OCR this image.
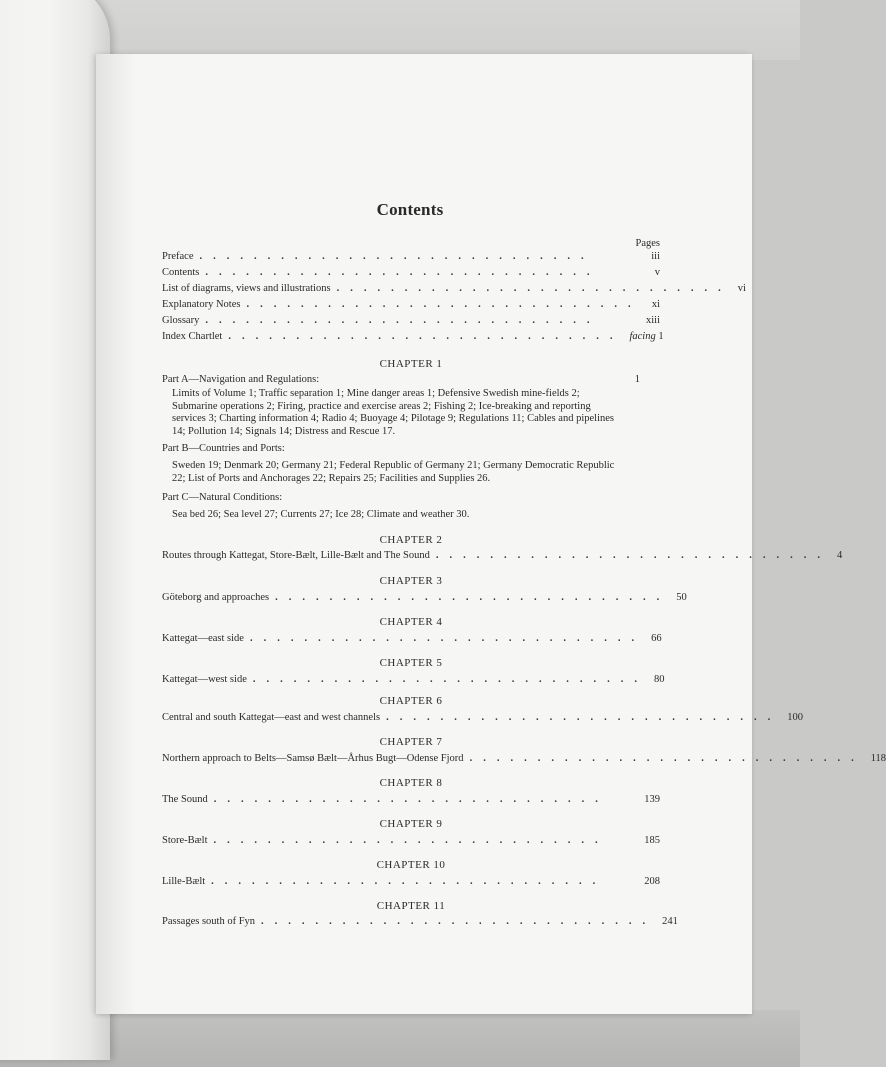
Contents
Pages
Preface .............................	iii
Contents .............................	v
List of diagrams, views and illustrations ............................. vi
Explanatory Notes ............................. xi
Glossary .............................	xiii
Index Chartlet ............................. facing 1
CHAPTER 1
Part A—Navigation and Regulations:	1
Limits of Volume 1; Traffic separation 1; Mine danger areas 1; Defensive Swedish mine-fields 2; Submarine operations 2; Firing, practice and exercise areas 2; Fishing 2; Ice-breaking and reporting services 3; Charting information 4; Radio 4; Buoyage 4; Pilotage 9; Regulations 11; Cables and pipelines 14; Pollution 14; Signals 14; Distress and Rescue 17.
Part B—Countries and Ports:
Sweden 19; Denmark 20; Germany 21; Federal Republic of Germany 21; Germany Democratic Republic 22; List of Ports and Anchorages 22; Repairs 25; Facilities and Supplies 26.
Part C—Natural Conditions:
Sea bed 26; Sea level 27; Currents 27; Ice 28; Climate and weather 30.
CHAPTER 2
Routes through Kattegat, Store-Bælt, Lille-Bælt and The Sound ............................. 4
CHAPTER 3
Göteborg and approaches ............................. 50
CHAPTER 4
Kattegat—east side ............................. 66
CHAPTER 5
Kattegat—west side ............................. 80
CHAPTER 6
Central and south Kattegat—east and west channels ............................. 100
CHAPTER 7
Northern approach to Belts—Samsø Bælt—Århus Bugt—Odense Fjord ............................. 118
CHAPTER 8
The Sound .............................	139
CHAPTER 9
Store-Bælt .............................	185
CHAPTER 10
Lille-Bælt .............................	208
CHAPTER 11
Passages south of Fyn ............................. 241
